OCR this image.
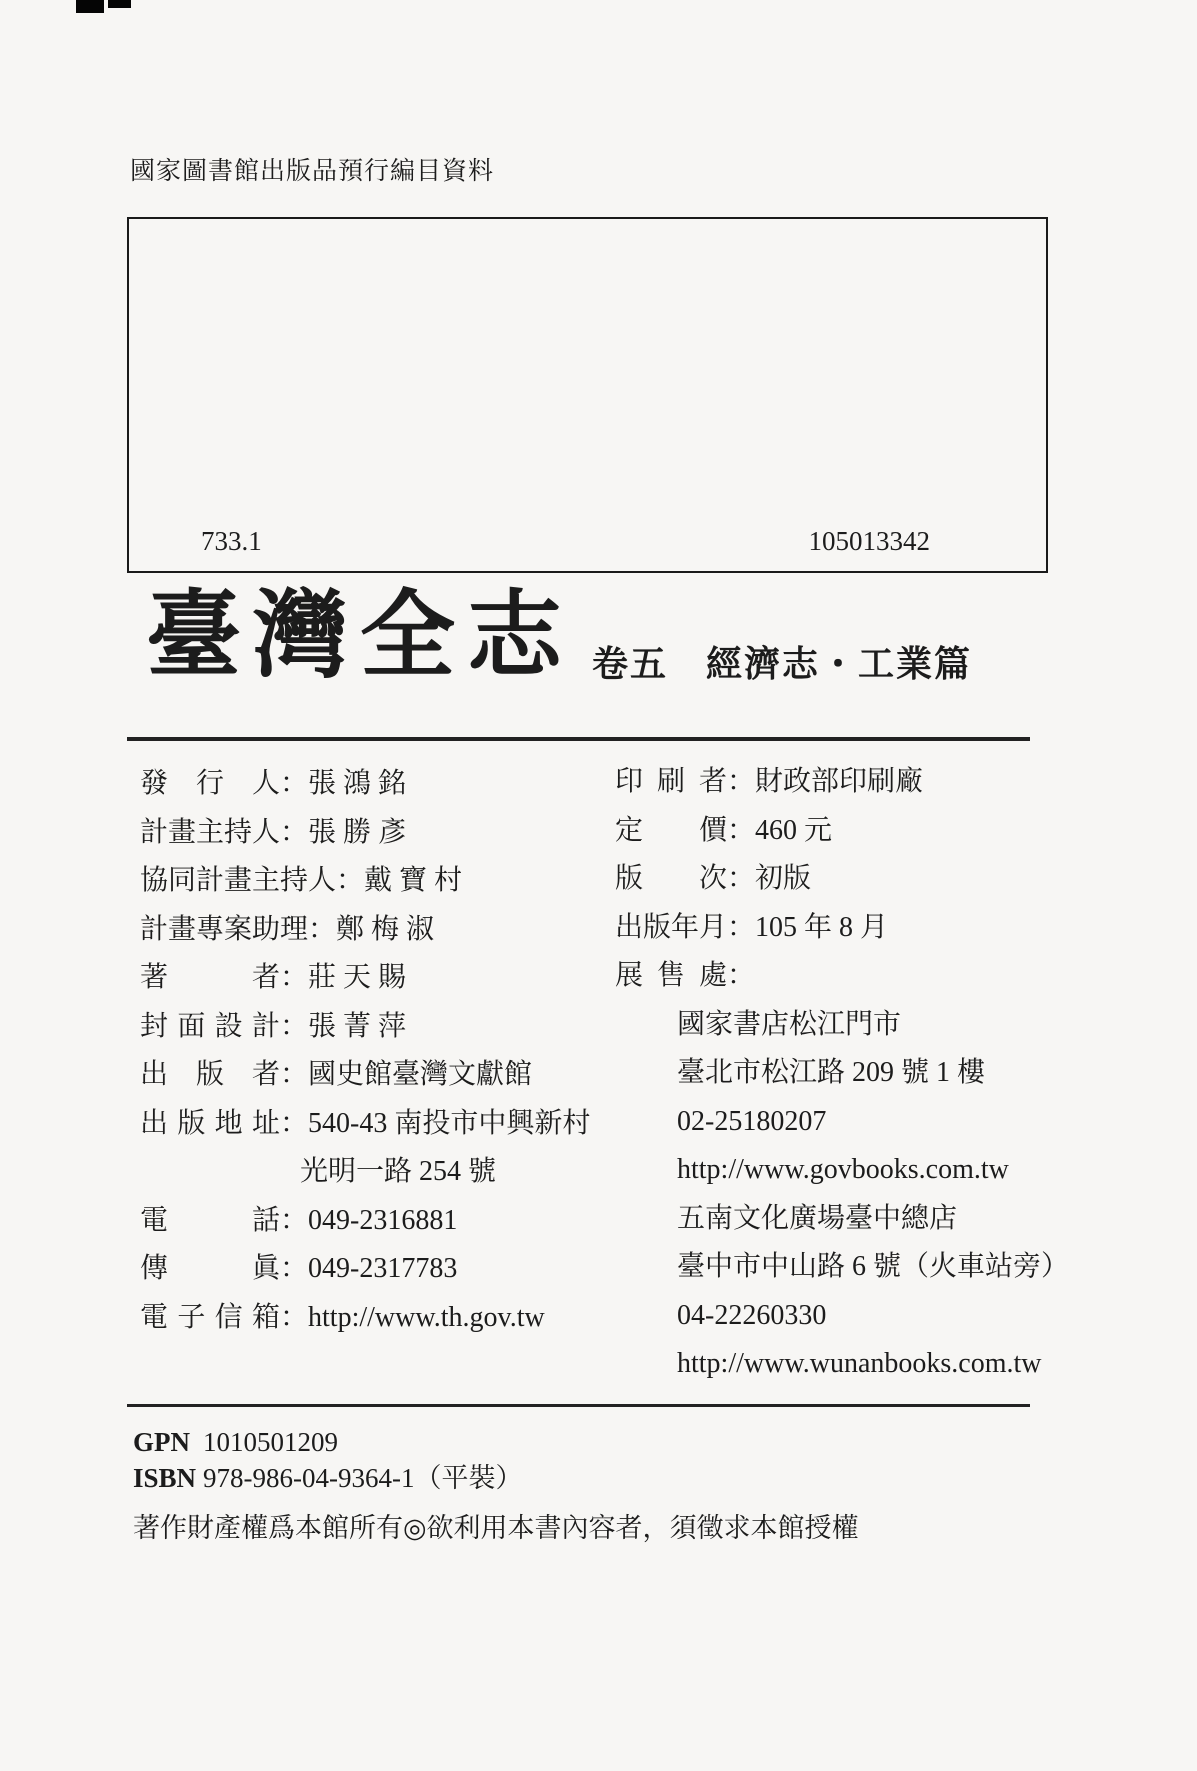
國家圖書館出版品預行編目資料
733.1	105013342
臺灣全志 卷五　經濟志・工業篇
發行人：張 鴻 銘
計畫主持人：張 勝 彥
協同計畫主持人：戴 寶 村
計畫專案助理：鄭 梅 淑
著者：莊 天 賜
封面設計：張 菁 萍
出版者：國史館臺灣文獻館
出版地址：540-43 南投市中興新村
光明一路 254 號
電話：049-2316881
傳眞：049-2317783
電子信箱：http://www.th.gov.tw
印刷者：財政部印刷廠
定價：460 元
版次：初版
出版年月：105 年 8 月
展售處：
國家書店松江門市
臺北市松江路 209 號 1 樓
02-25180207
http://www.govbooks.com.tw
五南文化廣場臺中總店
臺中市中山路 6 號（火車站旁）
04-22260330
http://www.wunanbooks.com.tw
GPN 1010501209
ISBN 978-986-04-9364-1（平裝）
著作財產權爲本館所有◎欲利用本書內容者，須徵求本館授權
